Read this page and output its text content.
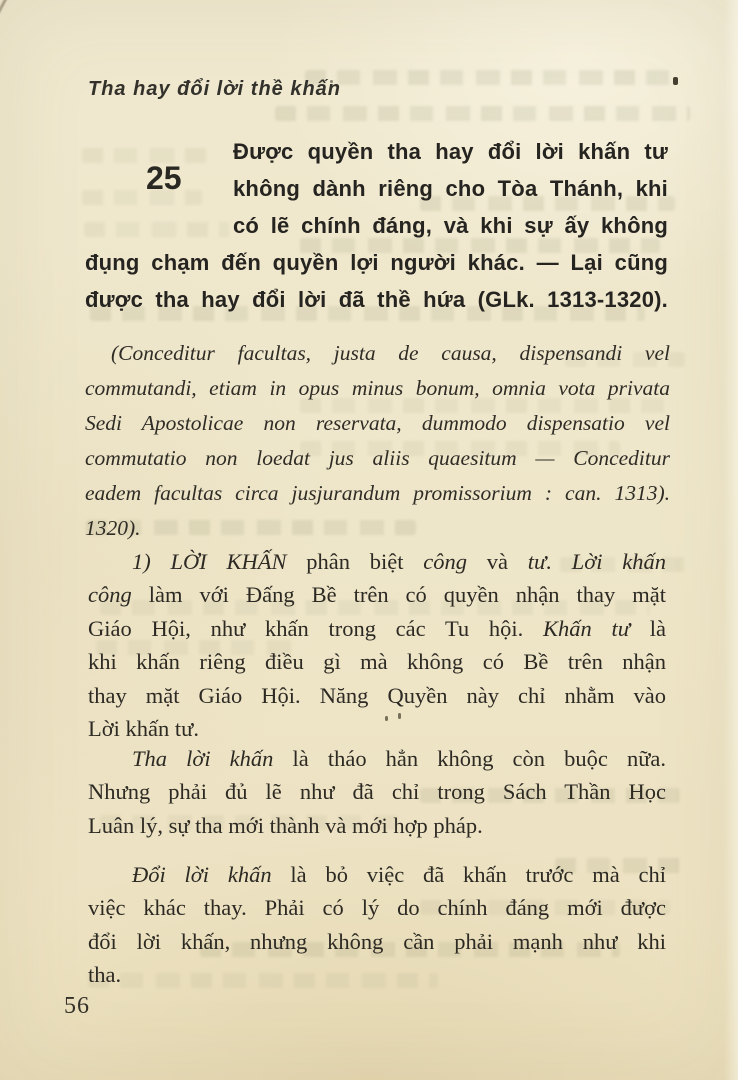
Tha hay đổi lời thề khấn
25
Được quyền tha hay đổi lời khấn tư
không dành riêng cho Tòa Thánh, khi
có lẽ chính đáng, và khi sự ấy không
đụng chạm đến quyền lợi người khác. — Lại cũng
được tha hay đổi lời đã thề hứa (GLk. 1313-1320).
(Conceditur facultas, justa de causa, dispensandi vel
commutandi, etiam in opus minus bonum, omnia vota privata
Sedi Apostolicae non reservata, dummodo dispensatio vel
commutatio non loedat jus aliis quaesitum — Conceditur
eadem facultas circa jusjurandum promissorium : can. 1313).
1320).
1) LỜI KHẤN phân biệt công và tư. Lời khấn
công làm với Đấng Bề trên có quyền nhận thay mặt
Giáo Hội, như khấn trong các Tu hội. Khấn tư là
khi khấn riêng điều gì mà không có Bề trên nhận
thay mặt Giáo Hội. Năng Quyền này chỉ nhằm vào
Lời khấn tư.
Tha lời khấn là tháo hẳn không còn buộc nữa.
Nhưng phải đủ lẽ như đã chỉ trong Sách Thần Học
Luân lý, sự tha mới thành và mới hợp pháp.
Đổi lời khấn là bỏ việc đã khấn trước mà chỉ
việc khác thay. Phải có lý do chính đáng mới được
đổi lời khấn, nhưng không cần phải mạnh như khi
tha.
56
